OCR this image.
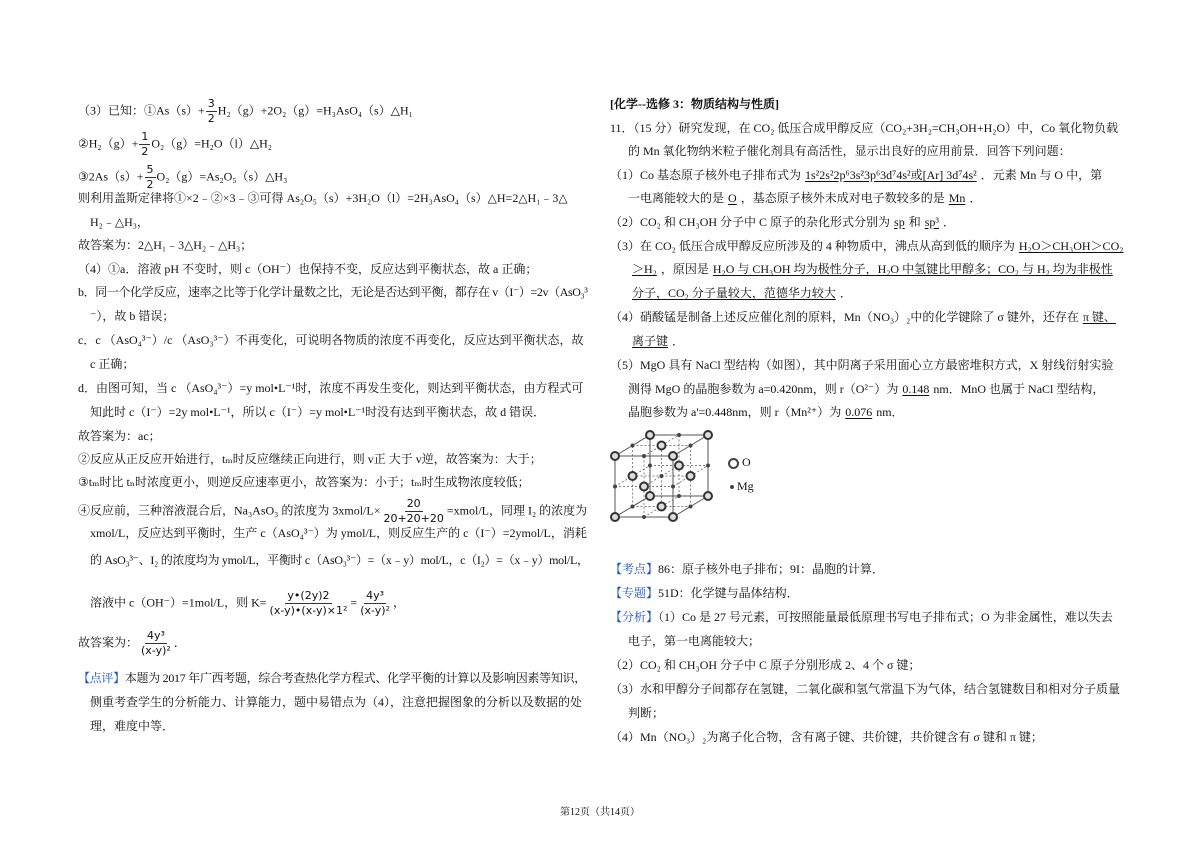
（3）已知：①As（s）+ $\frac{3}{2}$ H₂（g）+2O₂（g）=H₃AsO₄（s）△H₁
②H₂（g）+ $\frac{1}{2}$ O₂（g）=H₂O（l）△H₂
③2As（s）+ $\frac{5}{2}$ O₂（g）=As₂O₅（s）△H₃
则利用盖斯定律将①×2﹣②×3﹣③可得 As₂O₅（s）+3H₂O（l）=2H₃AsO₄（s）△H=2△H₁﹣3△
H₂﹣△H₃，
故答案为：2△H₁﹣3△H₂﹣△H₃；
（4）①a．溶液 pH 不变时，则 c（OH⁻）也保持不变，反应达到平衡状态，故 a 正确；
b．同一个化学反应，速率之比等于化学计量数之比，无论是否达到平衡，都存在 v（I⁻）=2v（AsO₃³
⁻），故 b 错误；
c．c （AsO₄³⁻）/c （AsO₃³⁻）不再变化，可说明各物质的浓度不再变化，反应达到平衡状态，故
c 正确；
d．由图可知，当 c （AsO₄³⁻）=y mol•L⁻¹时，浓度不再发生变化，则达到平衡状态，由方程式可
知此时 c（I⁻）=2y mol•L⁻¹，所以 c（I⁻）=y mol•L⁻¹时没有达到平衡状态，故 d 错误．
故答案为：ac；
②反应从正反应开始进行，tₘ时反应继续正向进行，则 v正 大于 v逆，故答案为：大于；
③tₘ时比 tₙ时浓度更小，则逆反应速率更小，故答案为：小于；tₘ时生成物浓度较低；
④反应前，三种溶液混合后，Na₃AsO₃ 的浓度为 3xmol/L× $\frac{20}{20+20+20}$ =xmol/L，同理 I₂ 的浓度为
xmol/L，反应达到平衡时，生产 c（AsO₄³⁻）为 ymol/L，则反应生产的 c（I⁻）=2ymol/L，消耗
的 AsO₃³⁻、I₂ 的浓度均为 ymol/L，平衡时 c（AsO₃³⁻）=（x﹣y）mol/L，c（I₂）=（x﹣y）mol/L，
溶液中 c（OH⁻）=1mol/L，则 $K= \frac{y•(2y)2}{\text{(x-y)•(x-y)×1²}} = \frac{\text{4y³}}{\text{(x-y)²}}$ ，
故答案为： $\frac{\text{4y³}}{\text{(x-y)²}}$ ．
【点评】本题为 2017 年广西考题，综合考查热化学方程式、化学平衡的计算以及影响因素等知识，
侧重考查学生的分析能力、计算能力，题中易错点为（4），注意把握图象的分析以及数据的处
理，难度中等．
[化学--选修 3：物质结构与性质]
11．（15 分）研究发现，在 CO₂ 低压合成甲醇反应（CO₂+3H₂=CH₃OH+H₂O）中，Co 氧化物负载
的 Mn 氧化物纳米粒子催化剂具有高活性，显示出良好的应用前景．回答下列问题：
（1）Co 基态原子核外电子排布式为 1s²2s²2p⁶3s²3p⁶3d⁷4s²或[Ar] 3d⁷4s² ．元素 Mn 与 O 中，第
一电离能较大的是 O ，基态原子核外未成对电子数较多的是 Mn ．
（2）CO₂ 和 CH₃OH 分子中 C 原子的杂化形式分别为 sp 和 sp³ ．
（3）在 CO₂ 低压合成甲醇反应所涉及的 4 种物质中，沸点从高到低的顺序为 H₂O＞CH₃OH＞CO₂
＞H₂ ，原因是 H₂O 与 CH₃OH 均为极性分子，H₂O 中氢键比甲醇多；CO₂ 与 H₂ 均为非极性
分子，CO₂ 分子量较大，范德华力较大 ．
（4）硝酸锰是制备上述反应催化剂的原料，Mn（NO₃）₂中的化学键除了 σ 键外，还存在 π 键、
离子键 ．
（5）MgO 具有 NaCl 型结构（如图），其中阴离子采用面心立方最密堆积方式，X 射线衍射实验
测得 MgO 的晶胞参数为 a=0.420nm，则 r（O²⁻）为 0.148 nm．MnO 也属于 NaCl 型结构，
晶胞参数为 a'=0.448nm，则 r（Mn²⁺）为 0.076 nm．
【考点】86：原子核外电子排布；9I：晶胞的计算．
【专题】51D：化学键与晶体结构．
【分析】（1）Co 是 27 号元素，可按照能量最低原理书写电子排布式；O 为非金属性，难以失去
电子，第一电离能较大；
（2）CO₂ 和 CH₃OH 分子中 C 原子分别形成 2、4 个 σ 键；
（3）水和甲醇分子间都存在氢键，二氧化碳和氢气常温下为气体，结合氢键数目和相对分子质量
判断；
（4）Mn（NO₃）₂为离子化合物，含有离子键、共价键，共价键含有 σ 键和 π 键；
O
Mg
第12页（共14页）
